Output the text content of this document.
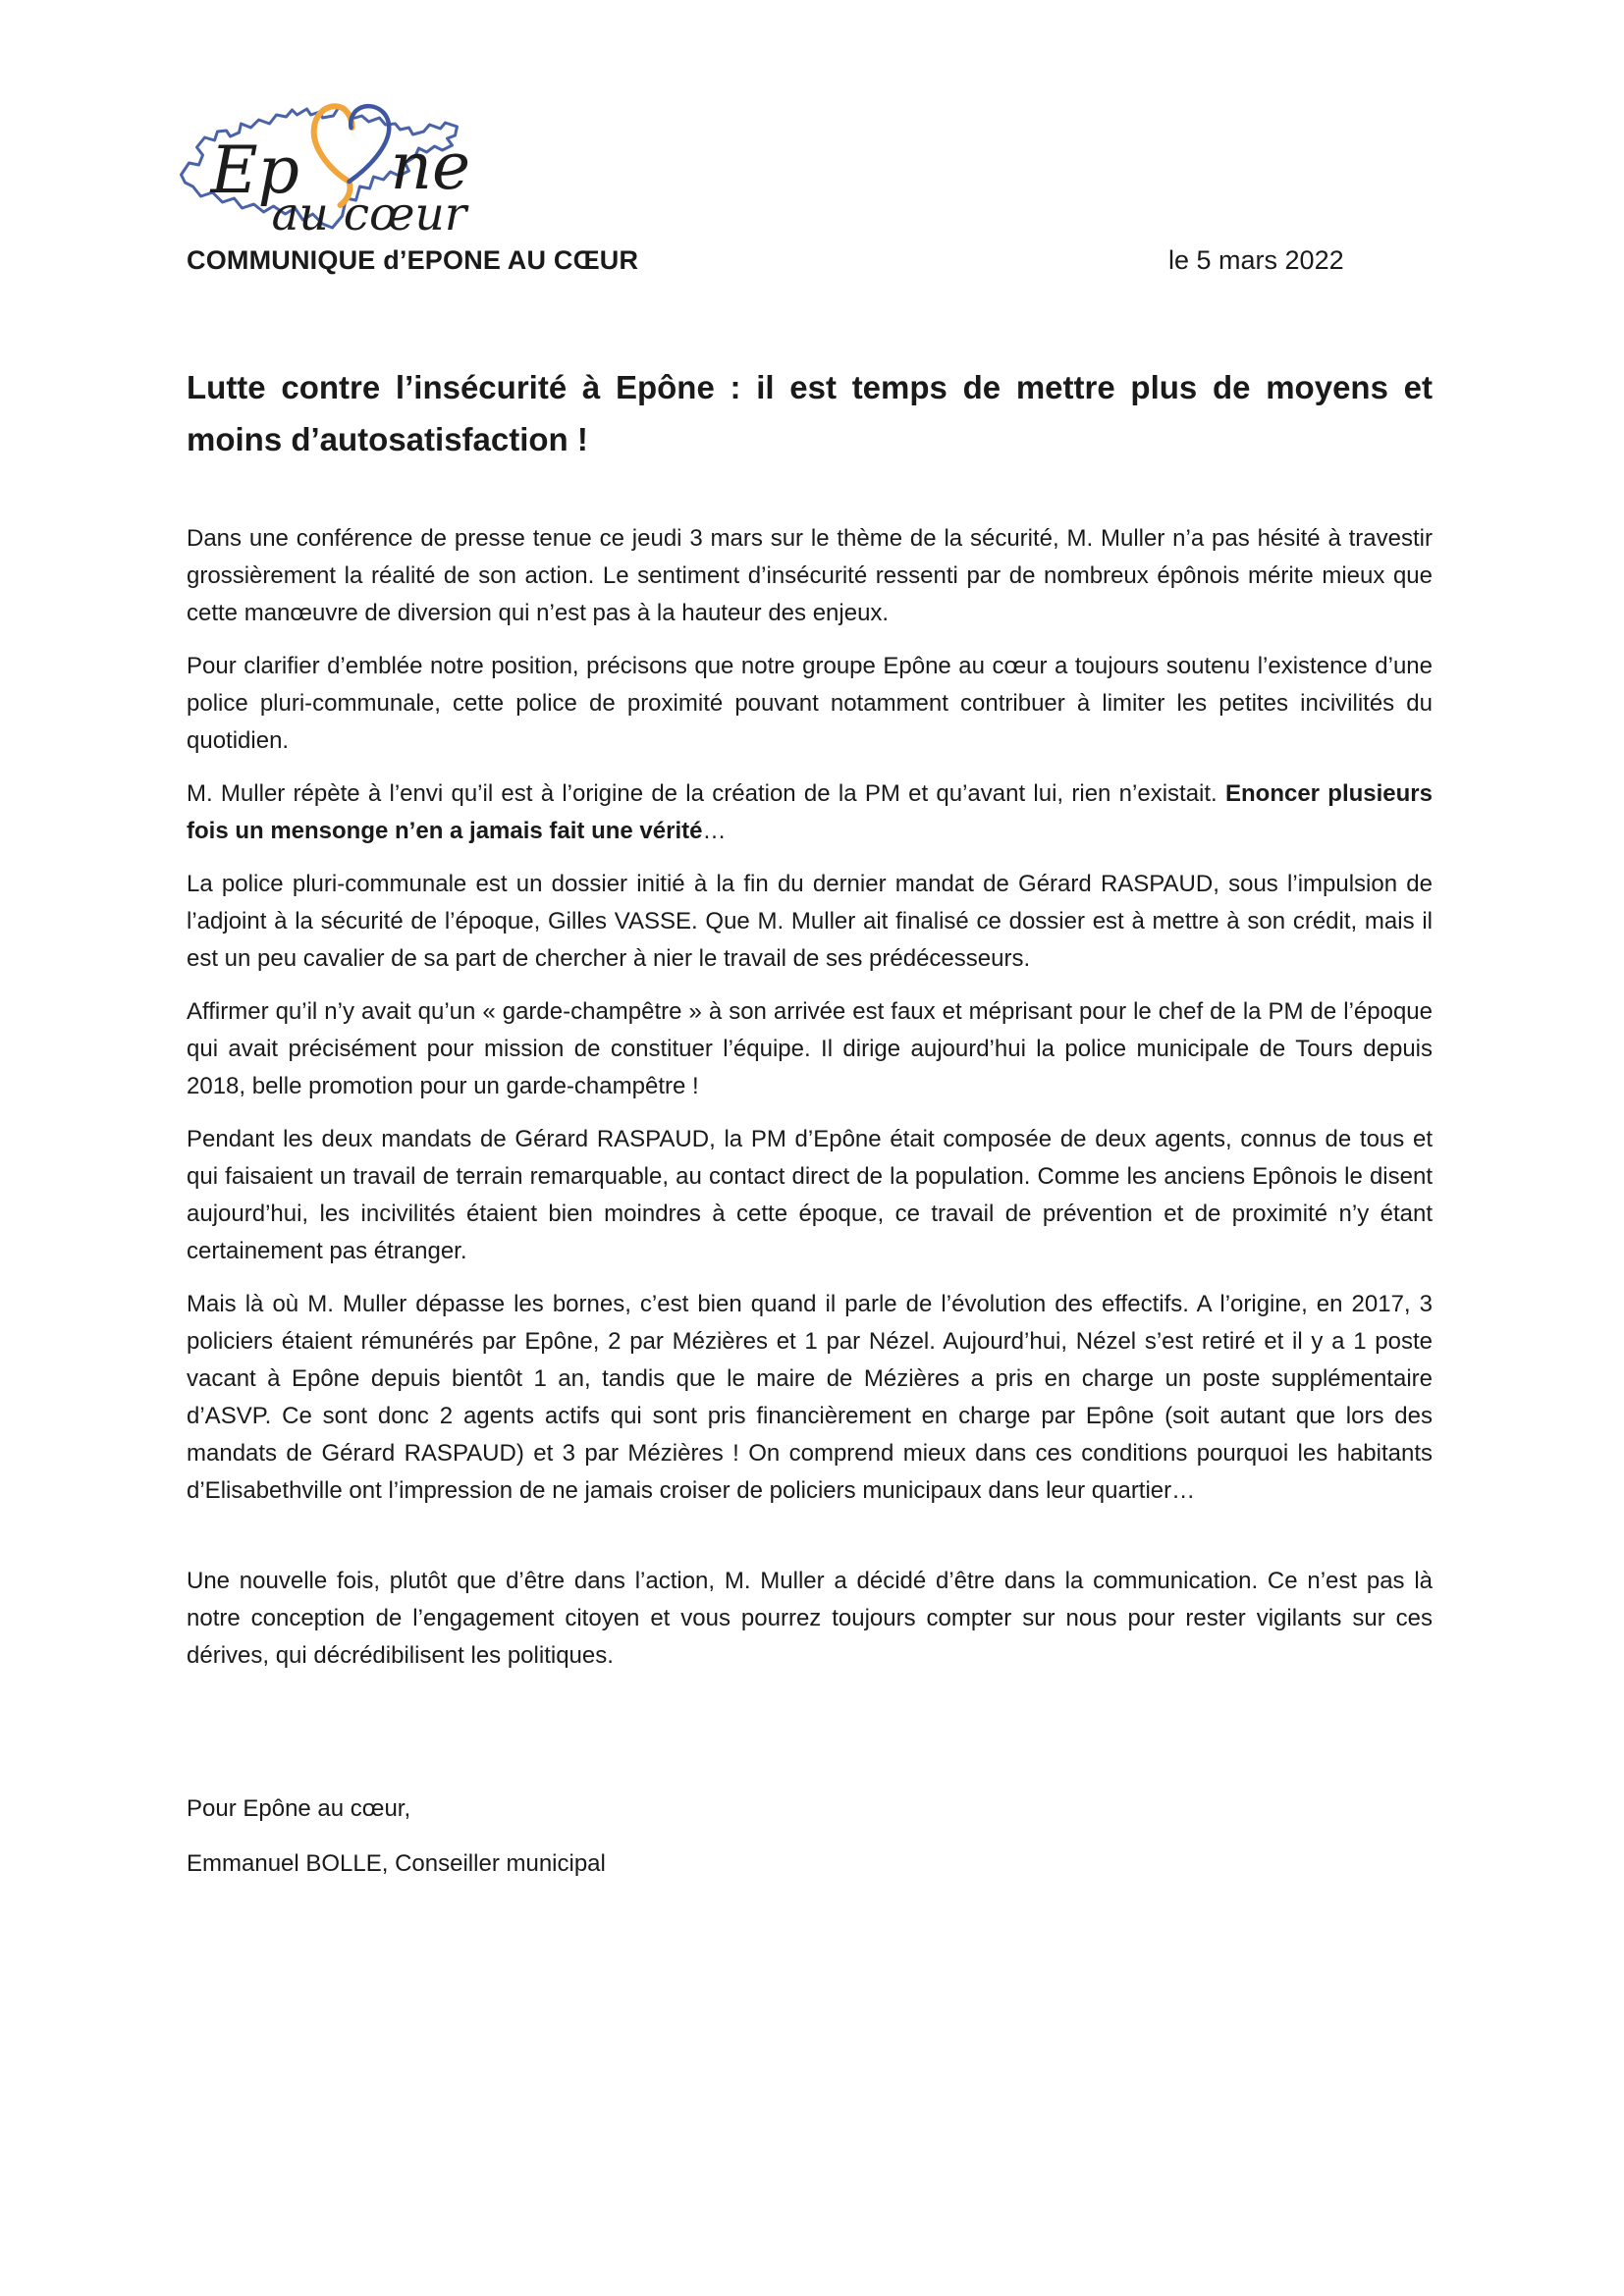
Ep ne
au cœur
COMMUNIQUE d’EPONE AU CŒUR	le 5 mars 2022

Lutte contre l’insécurité à Epône : il est temps de mettre plus de moyens et moins d’autosatisfaction !

Dans une conférence de presse tenue ce jeudi 3 mars sur le thème de la sécurité, M. Muller n’a pas hésité à travestir grossièrement la réalité de son action. Le sentiment d’insécurité ressenti par de nombreux épônois mérite mieux que cette manœuvre de diversion qui n’est pas à la hauteur des enjeux.

Pour clarifier d’emblée notre position, précisons que notre groupe Epône au cœur a toujours soutenu l’existence d’une police pluri-communale, cette police de proximité pouvant notamment contribuer à limiter les petites incivilités du quotidien.

M. Muller répète à l’envi qu’il est à l’origine de la création de la PM et qu’avant lui, rien n’existait. Enoncer plusieurs fois un mensonge n’en a jamais fait une vérité…

La police pluri-communale est un dossier initié à la fin du dernier mandat de Gérard RASPAUD, sous l’impulsion de l’adjoint à la sécurité de l’époque, Gilles VASSE. Que M. Muller ait finalisé ce dossier est à mettre à son crédit, mais il est un peu cavalier de sa part de chercher à nier le travail de ses prédécesseurs.

Affirmer qu’il n’y avait qu’un « garde-champêtre » à son arrivée est faux et méprisant pour le chef de la PM de l’époque qui avait précisément pour mission de constituer l’équipe. Il dirige aujourd’hui la police municipale de Tours depuis 2018, belle promotion pour un garde-champêtre !

Pendant les deux mandats de Gérard RASPAUD, la PM d’Epône était composée de deux agents, connus de tous et qui faisaient un travail de terrain remarquable, au contact direct de la population. Comme les anciens Epônois le disent aujourd’hui, les incivilités étaient bien moindres à cette époque, ce travail de prévention et de proximité n’y étant certainement pas étranger.

Mais là où M. Muller dépasse les bornes, c’est bien quand il parle de l’évolution des effectifs. A l’origine, en 2017, 3 policiers étaient rémunérés par Epône, 2 par Mézières et 1 par Nézel. Aujourd’hui, Nézel s’est retiré et il y a 1 poste vacant à Epône depuis bientôt 1 an, tandis que le maire de Mézières a pris en charge un poste supplémentaire d’ASVP. Ce sont donc 2 agents actifs qui sont pris financièrement en charge par Epône (soit autant que lors des mandats de Gérard RASPAUD) et 3 par Mézières ! On comprend mieux dans ces conditions pourquoi les habitants d’Elisabethville ont l’impression de ne jamais croiser de policiers municipaux dans leur quartier…

Une nouvelle fois, plutôt que d’être dans l’action, M. Muller a décidé d’être dans la communication. Ce n’est pas là notre conception de l’engagement citoyen et vous pourrez toujours compter sur nous pour rester vigilants sur ces dérives, qui décrédibilisent les politiques.

Pour Epône au cœur,

Emmanuel BOLLE, Conseiller municipal
